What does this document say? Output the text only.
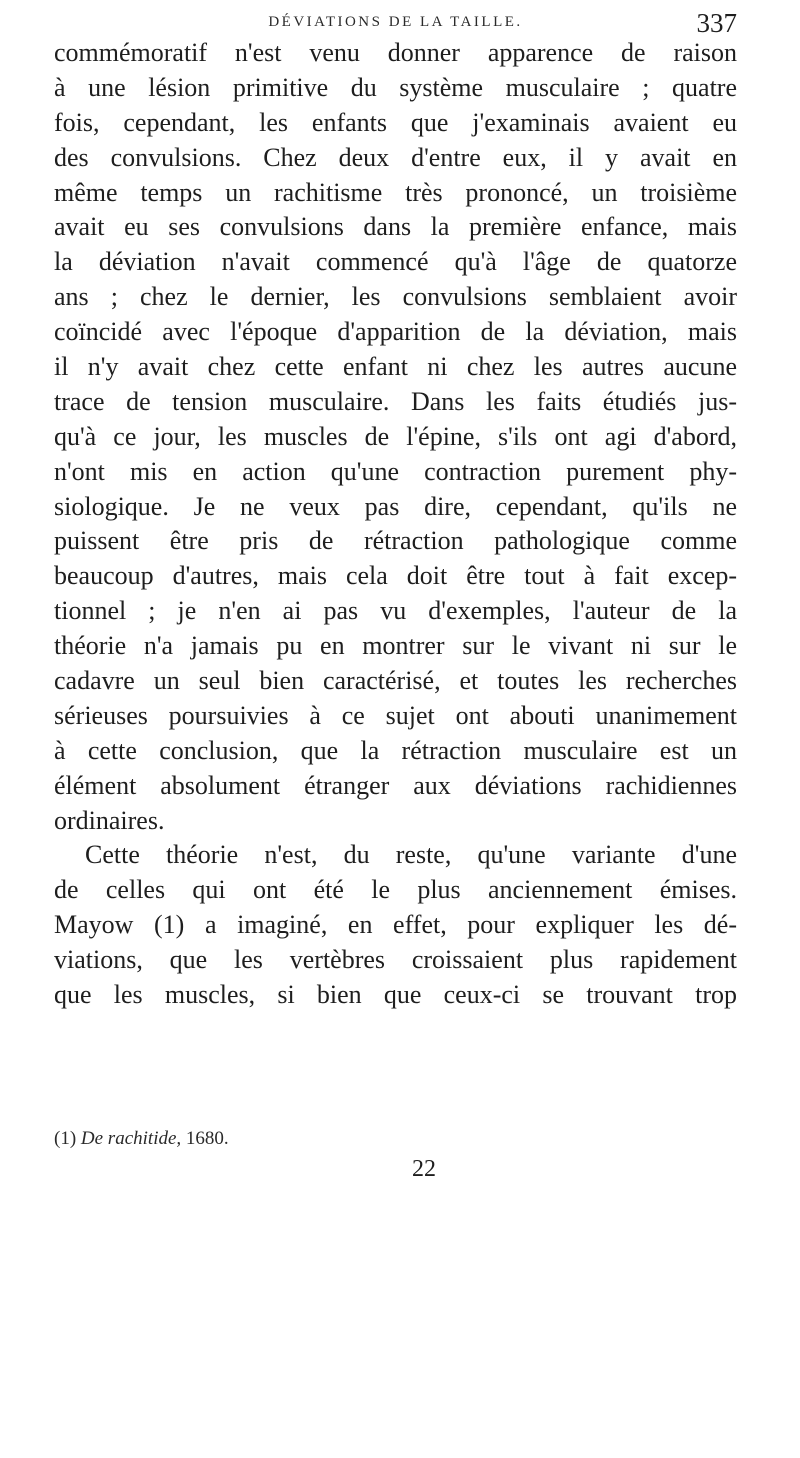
DÉVIATIONS DE LA TAILLE.	337
commémoratif n'est venu donner apparence de raison
à une lésion primitive du système musculaire ; quatre
fois, cependant, les enfants que j'examinais avaient eu
des convulsions. Chez deux d'entre eux, il y avait en
même temps un rachitisme très prononcé, un troisième
avait eu ses convulsions dans la première enfance, mais
la déviation n'avait commencé qu'à l'âge de quatorze
ans ; chez le dernier, les convulsions semblaient avoir
coïncidé avec l'époque d'apparition de la déviation, mais
il n'y avait chez cette enfant ni chez les autres aucune
trace de tension musculaire. Dans les faits étudiés jus-
qu'à ce jour, les muscles de l'épine, s'ils ont agi d'abord,
n'ont mis en action qu'une contraction purement phy-
siologique. Je ne veux pas dire, cependant, qu'ils ne
puissent être pris de rétraction pathologique comme
beaucoup d'autres, mais cela doit être tout à fait excep-
tionnel ; je n'en ai pas vu d'exemples, l'auteur de la
théorie n'a jamais pu en montrer sur le vivant ni sur le
cadavre un seul bien caractérisé, et toutes les recherches
sérieuses poursuivies à ce sujet ont abouti unanimement
à cette conclusion, que la rétraction musculaire est un
élément absolument étranger aux déviations rachidiennes
ordinaires.
Cette théorie n'est, du reste, qu'une variante d'une
de celles qui ont été le plus anciennement émises.
Mayow (1) a imaginé, en effet, pour expliquer les dé-
viations, que les vertèbres croissaient plus rapidement
que les muscles, si bien que ceux-ci se trouvant trop
(1) De rachitide, 1680.
22
